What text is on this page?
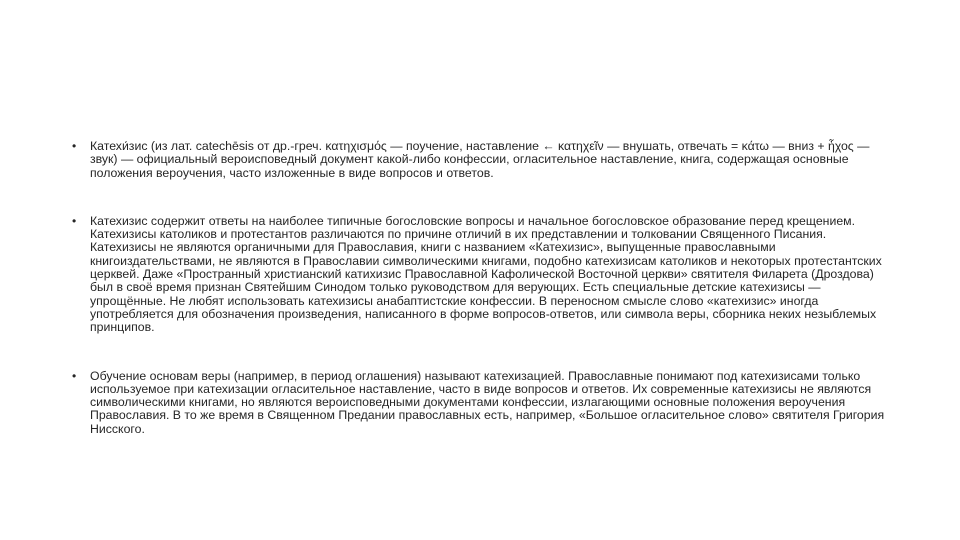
• Катехи́зис (из лат. catechēsis от др.-греч. κατηχισμός — поучение, наставление ← κατηχεῖν — внушать, отвечать = κάτω — вниз + ἦχος — звук) — официальный вероисповедный документ какой-либо конфессии, огласительное наставление, книга, содержащая основные положения вероучения, часто изложенные в виде вопросов и ответов.
• Катехизис содержит ответы на наиболее типичные богословские вопросы и начальное богословское образование перед крещением. Катехизисы католиков и протестантов различаются по причине отличий в их представлении и толковании Священного Писания. Катехизисы не являются органичными для Православия, книги с названием «Катехизис», выпущенные православными книгоиздательствами, не являются в Православии символическими книгами, подобно катехизисам католиков и некоторых протестантских церквей. Даже «Пространный христианский катихизис Православной Кафолической Восточной церкви» святителя Филарета (Дроздова) был в своё время признан Святейшим Синодом только руководством для верующих. Есть специальные детские катехизисы — упрощённые. Не любят использовать катехизисы анабаптистские конфессии. В переносном смысле слово «катехизис» иногда употребляется для обозначения произведения, написанного в форме вопросов-ответов, или символа веры, сборника неких незыблемых принципов.
• Обучение основам веры (например, в период оглашения) называют катехизацией. Православные понимают под катехизисами только используемое при катехизации огласительное наставление, часто в виде вопросов и ответов. Их современные катехизисы не являются символическими книгами, но являются вероисповедными документами конфессии, излагающими основные положения вероучения Православия. В то же время в Священном Предании православных есть, например, «Большое огласительное слово» святителя Григория Нисского.
